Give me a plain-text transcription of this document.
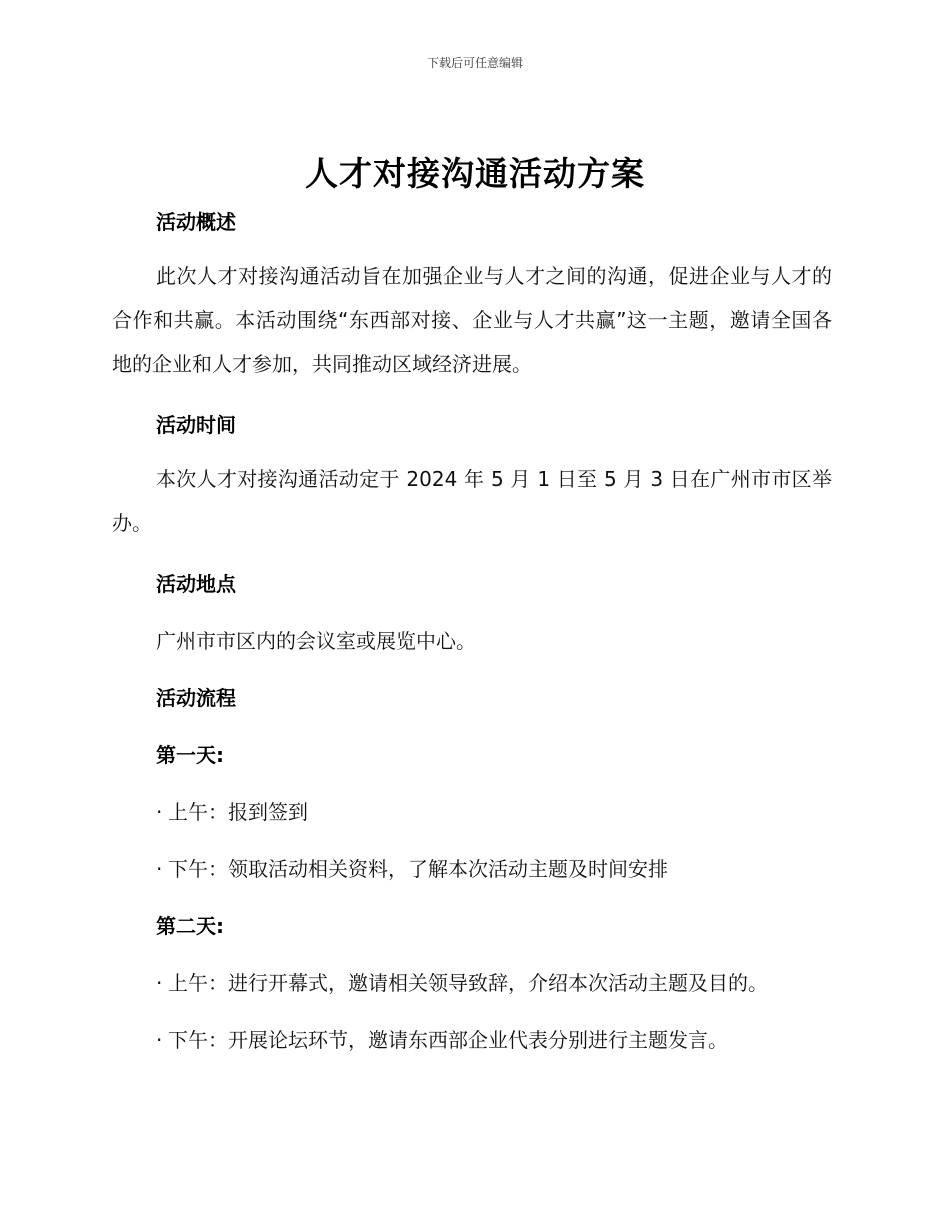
下载后可任意编辑
人才对接沟通活动方案
活动概述

此次人才对接沟通活动旨在加强企业与人才之间的沟通，促进企业与人才的合作和共赢。本活动围绕“东西部对接、企业与人才共赢”这一主题，邀请全国各地的企业和人才参加，共同推动区域经济进展。

活动时间

本次人才对接沟通活动定于 2024 年 5 月 1 日至 5 月 3 日在广州市市区举办。

活动地点
广州市市区内的会议室或展览中心。
活动流程
第一天:
· 上午：报到签到
· 下午：领取活动相关资料，了解本次活动主题及时间安排
第二天:
· 上午：进行开幕式，邀请相关领导致辞，介绍本次活动主题及目的。
· 下午：开展论坛环节，邀请东西部企业代表分别进行主题发言。
